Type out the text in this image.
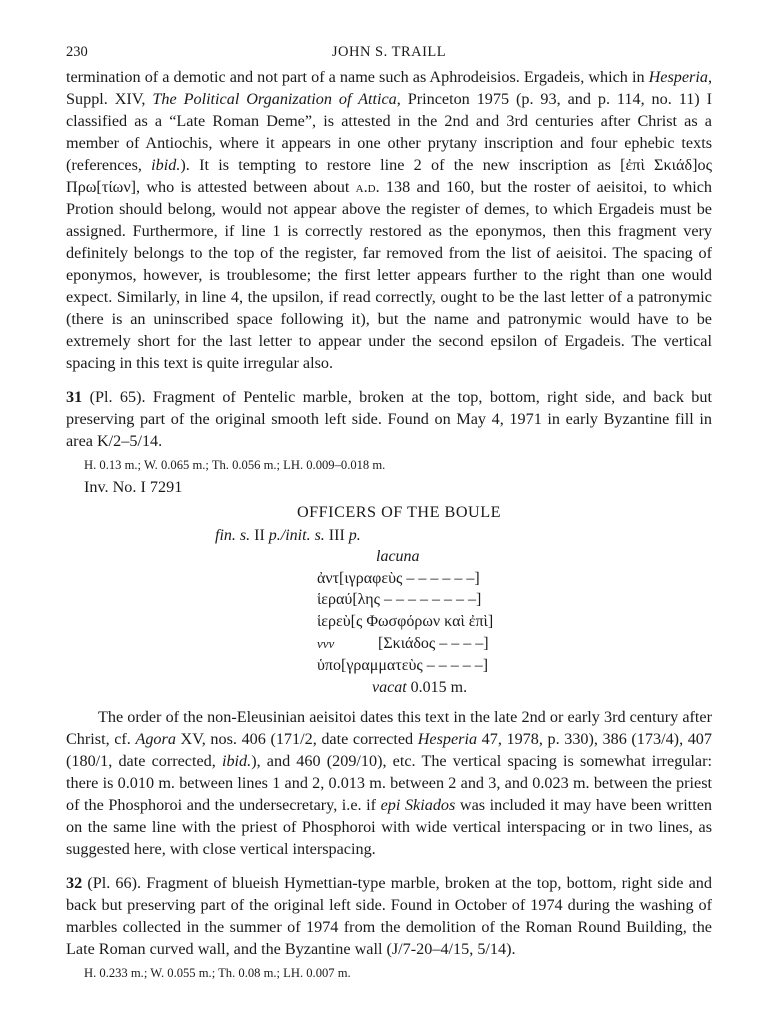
230	JOHN S. TRAILL

termination of a demotic and not part of a name such as Aphrodeisios. Ergadeis, which in Hesperia, Suppl. XIV, The Political Organization of Attica, Princeton 1975 (p. 93, and p. 114, no. 11) I classified as a “Late Roman Deme”, is attested in the 2nd and 3rd centuries after Christ as a member of Antiochis, where it appears in one other prytany inscription and four ephebic texts (references, ibid.). It is tempting to restore line 2 of the new inscription as [ἐπὶ Σκιάδ]ος Πρω[τίων], who is attested between about a.d. 138 and 160, but the roster of aeisitoi, to which Protion should belong, would not appear above the register of demes, to which Ergadeis must be assigned. Furthermore, if line 1 is correctly restored as the eponymos, then this fragment very definitely belongs to the top of the register, far removed from the list of aeisitoi. The spacing of eponymos, however, is troublesome; the first letter appears further to the right than one would expect. Similarly, in line 4, the upsilon, if read correctly, ought to be the last letter of a patronymic (there is an uninscribed space following it), but the name and patronymic would have to be extremely short for the last letter to appear under the second epsilon of Ergadeis. The vertical spacing in this text is quite irregular also.

31 (Pl. 65). Fragment of Pentelic marble, broken at the top, bottom, right side, and back but preserving part of the original smooth left side. Found on May 4, 1971 in early Byzantine fill in area K/2–5/14.

H. 0.13 m.; W. 0.065 m.; Th. 0.056 m.; LH. 0.009–0.018 m.
Inv. No. I 7291
OFFICERS OF THE BOULE
fin. s. II p./init. s. III p.
lacuna
ἀντ[ιγραφεὺς – – – – – –]
ἱεραύ[λης – – – – – – – –]
ἱερεὺ[ς Φωσφόρων καὶ ἐπὶ]
vvv	[Σκιάδος – – – –]
ὑπο[γραμματεὺς – – – – –]
vacat 0.015 m.

The order of the non-Eleusinian aeisitoi dates this text in the late 2nd or early 3rd century after Christ, cf. Agora XV, nos. 406 (171/2, date corrected Hesperia 47, 1978, p. 330), 386 (173/4), 407 (180/1, date corrected, ibid.), and 460 (209/10), etc. The vertical spacing is somewhat irregular: there is 0.010 m. between lines 1 and 2, 0.013 m. between 2 and 3, and 0.023 m. between the priest of the Phosphoroi and the undersecretary, i.e. if epi Skiados was included it may have been written on the same line with the priest of Phosphoroi with wide vertical interspacing or in two lines, as suggested here, with close vertical interspacing.

32 (Pl. 66). Fragment of blueish Hymettian-type marble, broken at the top, bottom, right side and back but preserving part of the original left side. Found in October of 1974 during the washing of marbles collected in the summer of 1974 from the demolition of the Roman Round Building, the Late Roman curved wall, and the Byzantine wall (J/7-20–4/15, 5/14).

H. 0.233 m.; W. 0.055 m.; Th. 0.08 m.; LH. 0.007 m.
